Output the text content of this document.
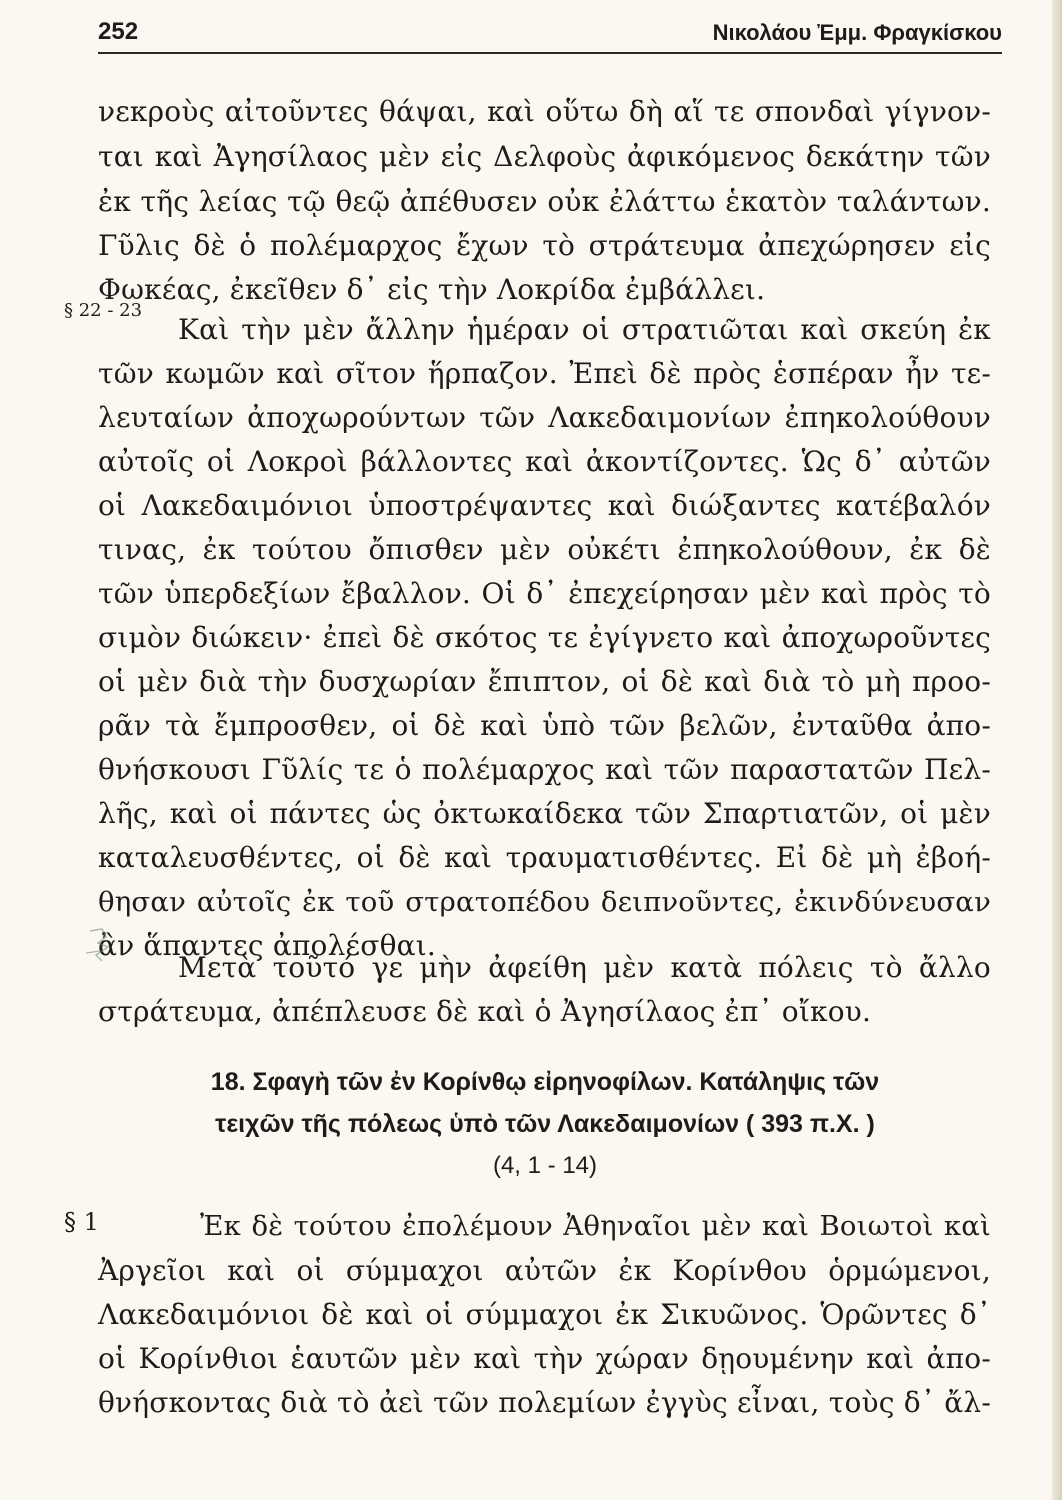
252	Νικολάου Ἐμμ. Φραγκίσκου
νεκροὺς αἰτοῦντες θάψαι, καὶ οὕτω δὴ αἵ τε σπονδαὶ γίγνον-
ται καὶ Ἀγησίλαος μὲν εἰς Δελφοὺς ἀφικόμενος δεκάτην τῶν
ἐκ τῆς λείας τῷ θεῷ ἀπέθυσεν οὐκ ἐλάττω ἑκατὸν ταλάντων.
Γῦλις δὲ ὁ πολέμαρχος ἔχων τὸ στράτευμα ἀπεχώρησεν εἰς
Φωκέας, ἐκεῖθεν δ᾽ εἰς τὴν Λοκρίδα ἐμβάλλει.
§ 22 - 23
Καὶ τὴν μὲν ἄλλην ἡμέραν οἱ στρατιῶται καὶ σκεύη ἐκ
τῶν κωμῶν καὶ σῖτον ἥρπαζον. Ἐπεὶ δὲ πρὸς ἑσπέραν ἦν τε-
λευταίων ἀποχωρούντων τῶν Λακεδαιμονίων ἐπηκολούθουν
αὐτοῖς οἱ Λοκροὶ βάλλοντες καὶ ἀκοντίζοντες. Ὡς δ᾽ αὐτῶν
οἱ Λακεδαιμόνιοι ὑποστρέψαντες καὶ διώξαντες κατέβαλόν
τινας, ἐκ τούτου ὄπισθεν μὲν οὐκέτι ἐπηκολούθουν, ἐκ δὲ
τῶν ὑπερδεξίων ἔβαλλον. Οἱ δ᾽ ἐπεχείρησαν μὲν καὶ πρὸς τὸ
σιμὸν διώκειν· ἐπεὶ δὲ σκότος τε ἐγίγνετο καὶ ἀποχωροῦντες
οἱ μὲν διὰ τὴν δυσχωρίαν ἔπιπτον, οἱ δὲ καὶ διὰ τὸ μὴ προο-
ρᾶν τὰ ἔμπροσθεν, οἱ δὲ καὶ ὑπὸ τῶν βελῶν, ἐνταῦθα ἀπο-
θνήσκουσι Γῦλίς τε ὁ πολέμαρχος καὶ τῶν παραστατῶν Πελ-
λῆς, καὶ οἱ πάντες ὡς ὀκτωκαίδεκα τῶν Σπαρτιατῶν, οἱ μὲν
καταλευσθέντες, οἱ δὲ καὶ τραυματισθέντες. Εἰ δὲ μὴ ἐβοή-
θησαν αὐτοῖς ἐκ τοῦ στρατοπέδου δειπνοῦντες, ἐκινδύνευσαν
ἂν ἅπαντες ἀπολέσθαι.
Μετὰ τοῦτό γε μὴν ἀφείθη μὲν κατὰ πόλεις τὸ ἄλλο
στράτευμα, ἀπέπλευσε δὲ καὶ ὁ Ἀγησίλαος ἐπ᾽ οἴκου.
18. Σφαγὴ τῶν ἐν Κορίνθῳ εἰρηνοφίλων. Κατάληψις τῶν
τειχῶν τῆς πόλεως ὑπὸ τῶν Λακεδαιμονίων ( 393 π.Χ. )
(4, 1 - 14)
§ 1	Ἐκ δὲ τούτου ἐπολέμουν Ἀθηναῖοι μὲν καὶ Βοιωτοὶ καὶ
Ἀργεῖοι καὶ οἱ σύμμαχοι αὐτῶν ἐκ Κορίνθου ὁρμώμενοι,
Λακεδαιμόνιοι δὲ καὶ οἱ σύμμαχοι ἐκ Σικυῶνος. Ὁρῶντες δ᾽
οἱ Κορίνθιοι ἑαυτῶν μὲν καὶ τὴν χώραν δῃουμένην καὶ ἀπο-
θνήσκοντας διὰ τὸ ἀεὶ τῶν πολεμίων ἐγγὺς εἶναι, τοὺς δ᾽ ἄλ-
